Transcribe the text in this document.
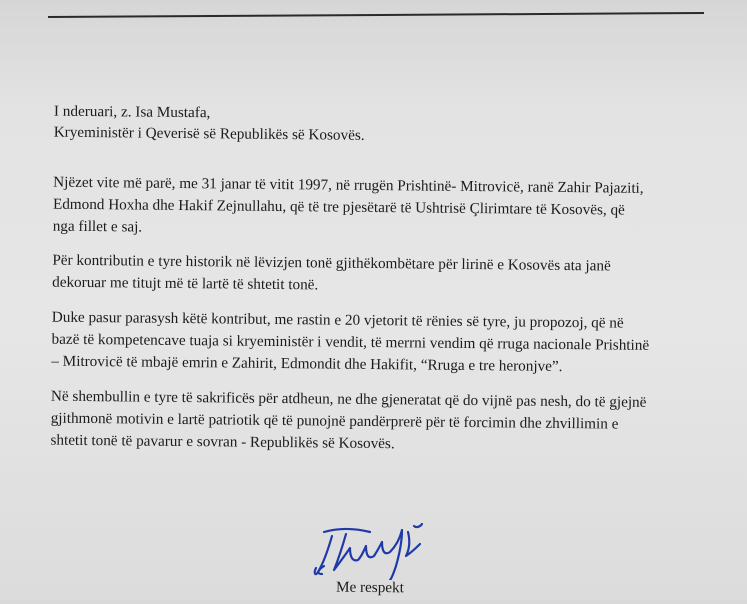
I nderuari, z. Isa Mustafa,
Kryeministër i Qeverisë së Republikës së Kosovës.
Njëzet vite më parë, me 31 janar të vitit 1997, në rrugën Prishtinë- Mitrovicë, ranë Zahir Pajaziti,
Edmond Hoxha dhe Hakif Zejnullahu, që të tre pjesëtarë të Ushtrisë Çlirimtare të Kosovës, që
nga fillet e saj.
Për kontributin e tyre historik në lëvizjen tonë gjithëkombëtare për lirinë e Kosovës ata janë
dekoruar me titujt më të lartë të shtetit tonë.
Duke pasur parasysh këtë kontribut, me rastin e 20 vjetorit të rënies së tyre, ju propozoj, që në
bazë të kompetencave tuaja si kryeministër i vendit, të merrni vendim që rruga nacionale Prishtinë
– Mitrovicë të mbajë emrin e Zahirit, Edmondit dhe Hakifit, “Rruga e tre heronjve”.
Në shembullin e tyre të sakrificës për atdheun, ne dhe gjeneratat që do vijnë pas nesh, do të gjejnë
gjithmonë motivin e lartë patriotik që të punojnë pandërprerë për të forcimin dhe zhvillimin e
shtetit tonë të pavarur e sovran - Republikës së Kosovës.
Me respekt
